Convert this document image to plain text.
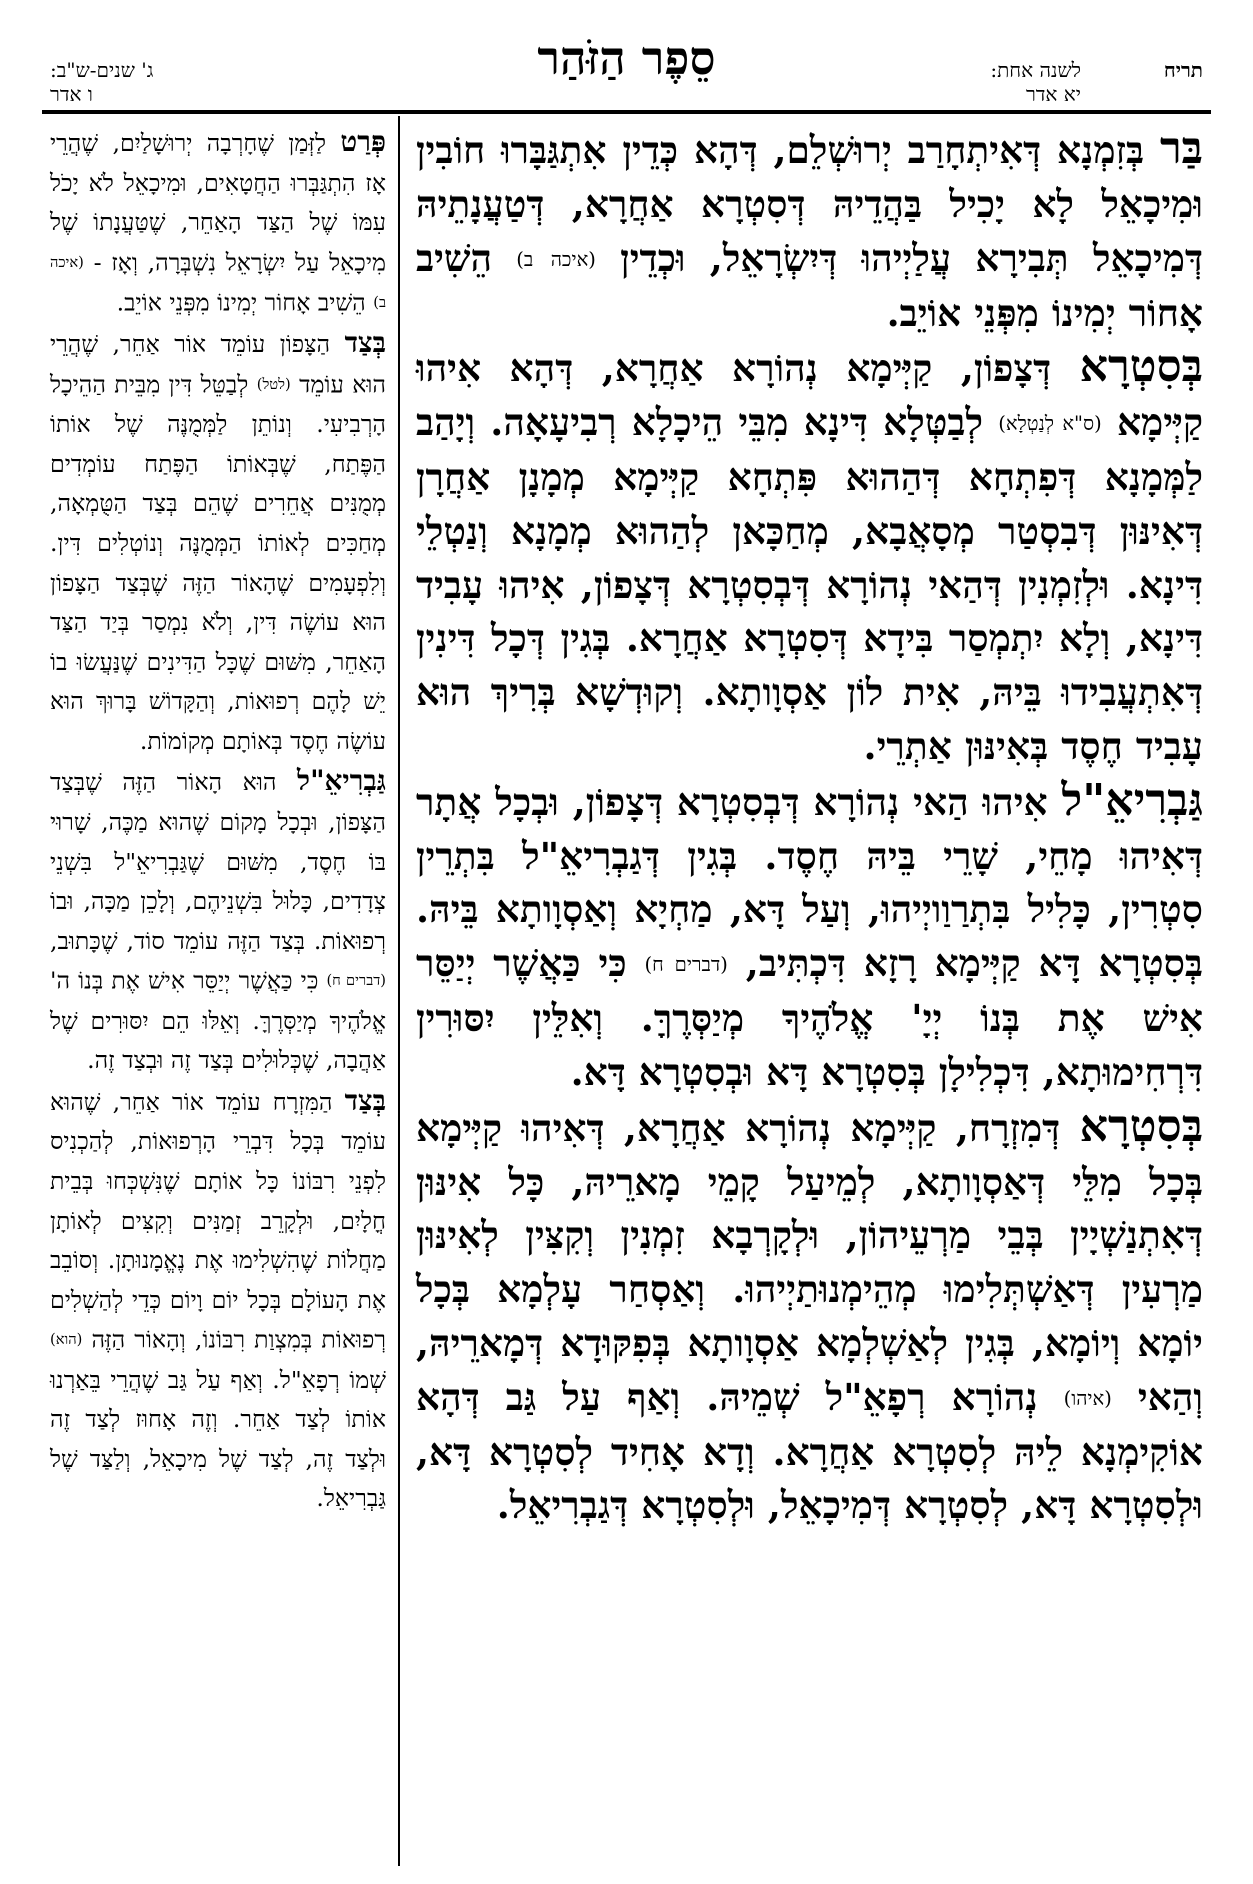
תריח
לשנה אחת:
יא אדר
סֵפֶר הַזֹּהַר
ג' שנים-ש"ב:
ו אדר

בַּר בְּזִמְנָא דְּאִיתְחָרַב יְרוּשְׁלֵם, דְּהָא כְּדֵין אִתְגַּבָּרוּ חוֹבִין וּמִיכָאֵל לָא יָכִיל בַּהֲדֵיהּ דְּסִטְרָא אַחֲרָא, דְּטַעֲנָתֵיהּ דְּמִיכָאֵל תְּבִירָא עֲלַיְיהוּ דְּיִשְׂרָאֵל, וּכְדֵין (איכה ב) הֵשִׁיב אָחוֹר יְמִינוֹ מִפְּנֵי אוֹיֵב.

בְּסִטְרָא דְּצָפוֹן, קַיְּימָא נְהוֹרָא אַחֲרָא, דְּהָא אִיהוּ קַיְּימָא (ס"א לְנַטְלָא) לְבַטְּלָא דִּינָא מִבֵּי הֵיכָלָא רְבִיעָאָה. וְיָהַב לַמְּמָנָא דְּפִתְחָא דְּהַהוּא פִּתְחָא קַיְּימָא מְמָנָן אַחֲרָן דְּאִינּוּן דְּבִסְטַר מְסָאֲבָא, מְחַכָּאן לְהַהוּא מְמָנָא וְנַטְלֵי דִּינָא. וּלְזִמְנִין דְּהַאי נְהוֹרָא דְּבְסִטְרָא דְּצָפוֹן, אִיהוּ עָבִיד דִּינָא, וְלָא יִתְמְסַר בִּידָא דְּסִטְרָא אַחֲרָא. בְּגִין דְּכָל דִּינִין דְּאִתְעֲבִידוּ בֵּיהּ, אִית לוֹן אַסְוָותָא. וְקוּדְשָׁא בְּרִיךְ הוּא עָבִיד חֶסֶד בְּאִינּוּן אַתְרֵי.

גַּבְרִיאֵ"ל אִיהוּ הַאי נְהוֹרָא דְּבְסִטְרָא דְּצָפוֹן, וּבְכָל אֲתָר דְּאִיהוּ מָחֵי, שָׁרֵי בֵּיהּ חֶסֶד. בְּגִין דְּגַבְרִיאֵ"ל בִּתְרֵין סִטְרִין, כָּלִיל בִּתְרַוַויְיהוּ, וְעַל דָּא, מַחְיָא וְאַסְוָותָא בֵּיהּ. בְּסִטְרָא דָּא קַיְּימָא רָזָא דִּכְתִּיב, (דברים ח) כִּי כַּאֲשֶׁר יְיַסֵּר אִישׁ אֶת בְּנוֹ יְיָ' אֱלֹהֶיךָ מְיַסְּרֶךָּ. וְאִלֵּין יִסּוּרִין דִּרְחִימוּתָא, דִּכְלִילָן בְּסִטְרָא דָּא וּבְסִטְרָא דָּא.

בְּסִטְרָא דְּמִזְרָח, קַיְּימָא נְהוֹרָא אַחֲרָא, דְּאִיהוּ קַיְּימָא בְּכָל מִלֵּי דְּאַסְוָותָא, לְמֵיעַל קָמֵי מָארֵיהּ, כָּל אִינּוּן דְּאִתְנַשְׁיָין בְּבֵי מַרְעֵיהוֹן, וּלְקָרְבָא זִמְנִין וְקִצִּין לְאִינּוּן מַרְעִין דְּאַשְׁתְּלִימוּ מְהֵימְנוּתַיְיהוּ. וְאַסְחַר עָלְמָא בְּכָל יוֹמָא וְיוֹמָא, בְּגִין לְאַשְׁלְמָא אַסְוָותָא בְּפִקּוּדָא דְּמָארֵיהּ, וְהַאי (איהו) נְהוֹרָא רְפָאֵ"ל שְׁמֵיהּ. וְאַף עַל גַּב דְּהָא אוֹקִימְנָא לֵיהּ לְסִטְרָא אַחֲרָא. וְדָא אָחִיד לְסִטְרָא דָּא, וּלְסִטְרָא דָּא, לְסִטְרָא דְּמִיכָאֵל, וּלְסִטְרָא דְּגַבְרִיאֵל.

פְּרַט לַזְּמַן שֶׁחָרְבָה יְרוּשָׁלַיִם, שֶׁהֲרֵי אָז הִתְגַּבְּרוּ הַחֲטָאִים, וּמִיכָאֵל לֹא יָכֹל עִמּוֹ שֶׁל הַצַּד הָאַחֵר, שֶׁטַּעֲנָתוֹ שֶׁל מִיכָאֵל עַל יִשְׂרָאֵל נִשְׁבְּרָה, וְאָז - (איכה ב) הֵשִׁיב אָחוֹר יְמִינוֹ מִפְּנֵי אוֹיֵב.

בְּצַד הַצָּפוֹן עוֹמֵד אוֹר אַחֵר, שֶׁהֲרֵי הוּא עוֹמֵד (לטל) לְבַטֵּל דִּין מִבֵּית הַהֵיכָל הָרְבִיעִי. וְנוֹתֵן לַמְּמֻנֶּה שֶׁל אוֹתוֹ הַפֶּתַח, שֶׁבְּאוֹתוֹ הַפֶּתַח עוֹמְדִים מְמֻנִּים אֲחֵרִים שֶׁהֵם בְּצַד הַטֻּמְאָה, מְחַכִּים לְאוֹתוֹ הַמְּמֻנֶּה וְנוֹטְלִים דִּין. וְלִפְעָמִים שֶׁהָאוֹר הַזֶּה שֶׁבְּצַד הַצָּפוֹן הוּא עוֹשֶׂה דִּין, וְלֹא נִמְסַר בְּיַד הַצַּד הָאַחֵר, מִשּׁוּם שֶׁכָּל הַדִּינִים שֶׁנַּעֲשׂוּ בוֹ יֵשׁ לָהֶם רְפוּאוֹת, וְהַקָּדוֹשׁ בָּרוּךְ הוּא עוֹשֶׂה חֶסֶד בְּאוֹתָם מְקוֹמוֹת.

גַּבְרִיאֵ"ל הוּא הָאוֹר הַזֶּה שֶׁבְּצַד הַצָּפוֹן, וּבְכָל מָקוֹם שֶׁהוּא מַכֶּה, שָׁרוּי בּוֹ חֶסֶד, מִשּׁוּם שֶׁגַּבְרִיאֵ"ל בִּשְׁנֵי צְדָדִים, כָּלוּל בִּשְׁנֵיהֶם, וְלָכֵן מַכָּה, וּבוֹ רְפוּאוֹת. בְּצַד הַזֶּה עוֹמֵד סוֹד, שֶׁכָּתוּב, (דברים ח) כִּי כַּאֲשֶׁר יְיַסֵּר אִישׁ אֶת בְּנוֹ ה' אֱלֹהֶיךָ מְיַסְּרֶךָּ. וְאֵלּוּ הֵם יִסּוּרִים שֶׁל אַהֲבָה, שֶׁכְּלוּלִים בְּצַד זֶה וּבְצַד זֶה.

בְּצַד הַמִּזְרָח עוֹמֵד אוֹר אַחֵר, שֶׁהוּא עוֹמֵד בְּכָל דִּבְרֵי הָרְפוּאוֹת, לְהַכְנִיס לִפְנֵי רִבּוֹנוֹ כָּל אוֹתָם שֶׁנִּשְׁכְּחוּ בְּבֵית חֳלָיִם, וּלְקָרֵב זְמַנִּים וְקִצִּים לְאוֹתָן מַחֲלוֹת שֶׁהִשְׁלִימוּ אֶת נֶאֱמָנוּתָן. וְסוֹבֵב אֶת הָעוֹלָם בְּכָל יוֹם וָיוֹם כְּדֵי לְהַשְׁלִים רְפוּאוֹת בְּמִצְוַת רִבּוֹנוֹ, וְהָאוֹר הַזֶּה (הוא) שְׁמוֹ רְפָאֵ"ל. וְאַף עַל גַּב שֶׁהֲרֵי בֵּאַרְנוּ אוֹתוֹ לְצַד אַחֵר. וְזֶה אָחוּז לְצַד זֶה וּלְצַד זֶה, לְצַד שֶׁל מִיכָאֵל, וְלַצַּד שֶׁל גַּבְרִיאֵל.
